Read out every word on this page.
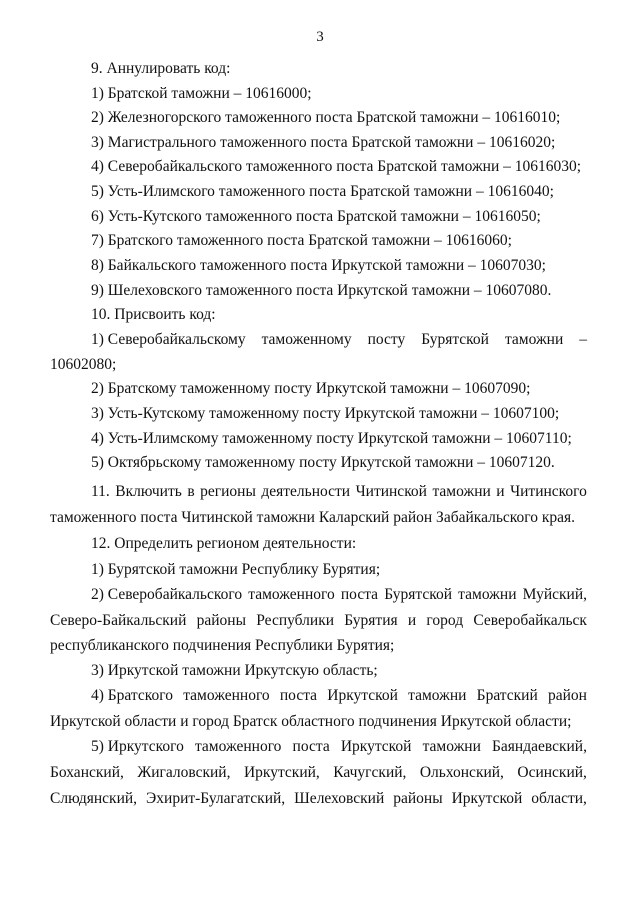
3
9. Аннулировать код:
1) Братской таможни – 10616000;
2) Железногорского таможенного поста Братской таможни – 10616010;
3) Магистрального таможенного поста Братской таможни – 10616020;
4) Северобайкальского таможенного поста Братской таможни – 10616030;
5) Усть-Илимского таможенного поста Братской таможни – 10616040;
6) Усть-Кутского таможенного поста Братской таможни – 10616050;
7) Братского таможенного поста Братской таможни – 10616060;
8) Байкальского таможенного поста Иркутской таможни – 10607030;
9) Шелеховского таможенного поста Иркутской таможни – 10607080.
10. Присвоить код:
1) Северобайкальскому таможенному посту Бурятской таможни –
10602080;
2) Братскому таможенному посту Иркутской таможни – 10607090;
3) Усть-Кутскому таможенному посту Иркутской таможни – 10607100;
4) Усть-Илимскому таможенному посту Иркутской таможни – 10607110;
5) Октябрьскому таможенному посту Иркутской таможни – 10607120.
11. Включить в регионы деятельности Читинской таможни и Читинского
таможенного поста Читинской таможни Каларский район Забайкальского края.
12. Определить регионом деятельности:
1) Бурятской таможни Республику Бурятия;
2) Северобайкальского таможенного поста Бурятской таможни Муйский,
Северо-Байкальский районы Республики Бурятия и город Северобайкальск
республиканского подчинения Республики Бурятия;
3) Иркутской таможни Иркутскую область;
4) Братского таможенного поста Иркутской таможни Братский район
Иркутской области и город Братск областного подчинения Иркутской области;
5) Иркутского таможенного поста Иркутской таможни Баяндаевский,
Боханский, Жигаловский, Иркутский, Качугский, Ольхонский, Осинский,
Слюдянский, Эхирит-Булагатский, Шелеховский районы Иркутской области,
